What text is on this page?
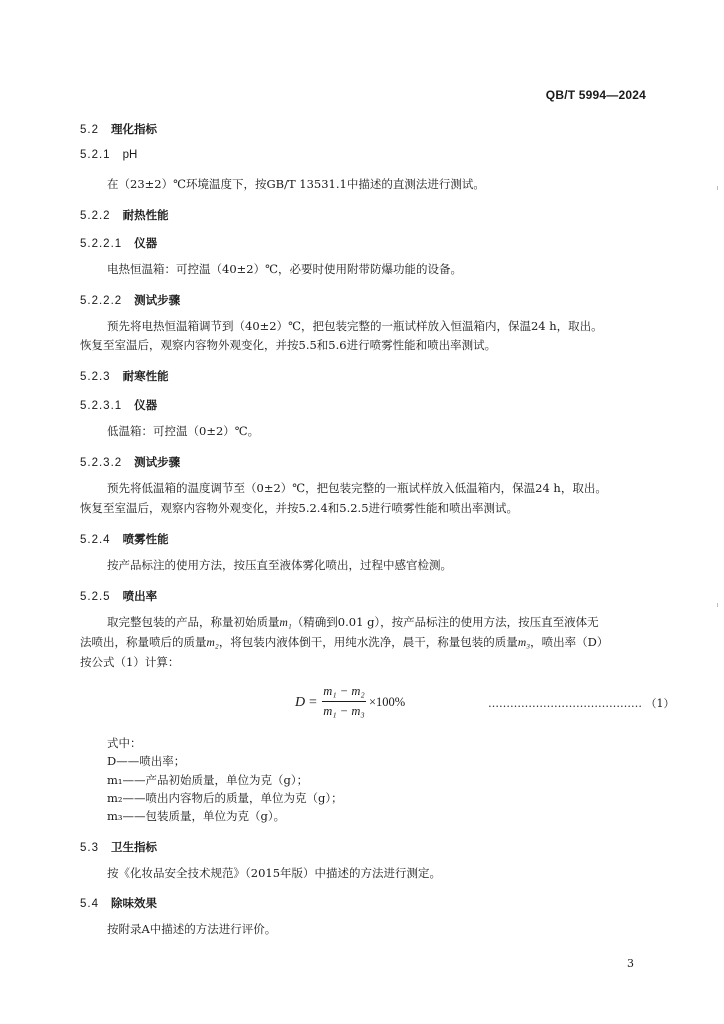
QB/T 5994—2024
5.2 理化指标
5.2.1 pH
在（23±2）℃环境温度下，按GB/T 13531.1中描述的直测法进行测试。
5.2.2 耐热性能
5.2.2.1 仪器
电热恒温箱：可控温（40±2）℃，必要时使用附带防爆功能的设备。
5.2.2.2 测试步骤
预先将电热恒温箱调节到（40±2）℃，把包装完整的一瓶试样放入恒温箱内，保温24 h，取出。
恢复至室温后，观察内容物外观变化，并按5.5和5.6进行喷雾性能和喷出率测试。
5.2.3 耐寒性能
5.2.3.1 仪器
低温箱：可控温（0±2）℃。
5.2.3.2 测试步骤
预先将低温箱的温度调节至（0±2）℃，把包装完整的一瓶试样放入低温箱内，保温24 h，取出。
恢复至室温后，观察内容物外观变化，并按5.2.4和5.2.5进行喷雾性能和喷出率测试。
5.2.4 喷雾性能
按产品标注的使用方法，按压直至液体雾化喷出，过程中感官检测。
5.2.5 喷出率
取完整包装的产品，称量初始质量m₁（精确到0.01 g），按产品标注的使用方法，按压直至液体无
法喷出，称量喷后的质量m₂，将包装内液体倒干，用纯水洗净，晨干，称量包装的质量m₃，喷出率（D）
按公式（1）计算：
D =
m₁ − m₂
m₁ − m₃
×100%	…………………………………… （1）
式中：
D——喷出率；
m₁——产品初始质量，单位为克（g）；
m₂——喷出内容物后的质量，单位为克（g）；
m₃——包装质量，单位为克（g）。
5.3 卫生指标
按《化妆品安全技术规范》（2015年版）中描述的方法进行测定。
5.4 除味效果
按附录A中描述的方法进行评价。
3
